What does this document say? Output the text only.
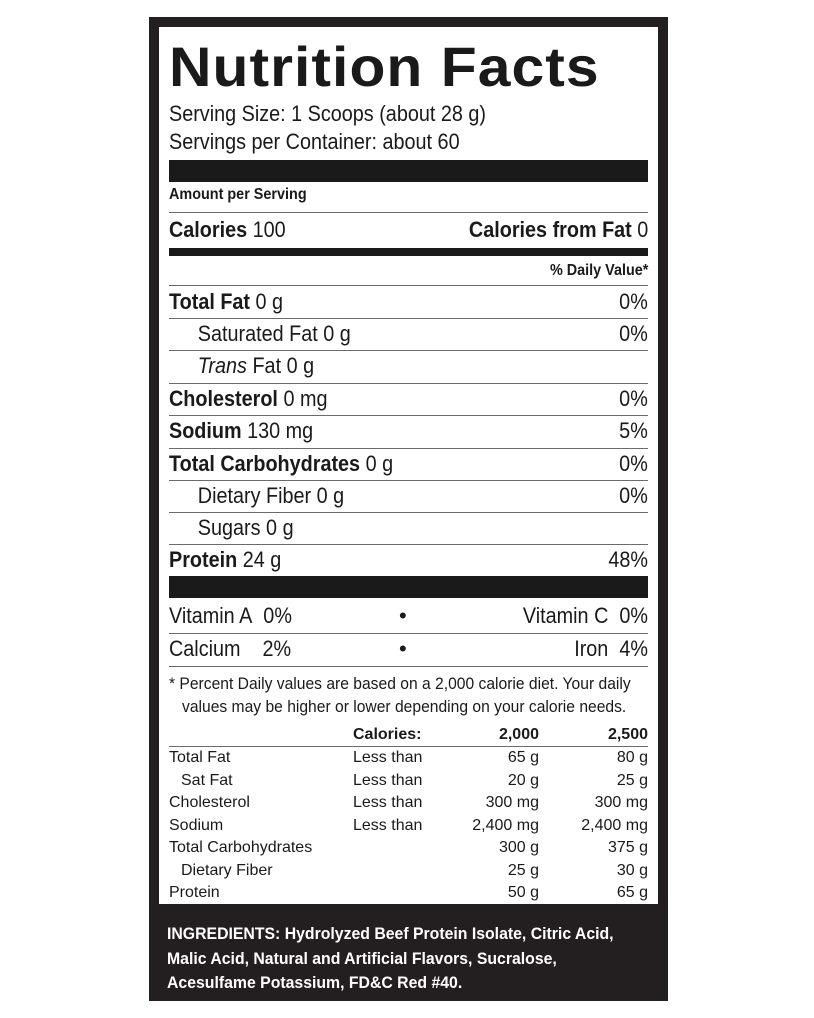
Nutrition Facts
Serving Size: 1 Scoops (about 28 g)
Servings per Container: about 60
Amount per Serving
Calories 100	Calories from Fat 0
% Daily Value*
Total Fat 0 g	0%
Saturated Fat 0 g	0%
Trans Fat 0 g
Cholesterol 0 mg	0%
Sodium 130 mg	5%
Total Carbohydrates 0 g	0%
Dietary Fiber 0 g	0%
Sugars 0 g
Protein 24 g	48%
Vitamin A 0%	•	Vitamin C 0%
Calcium 2%	•	Iron 4%
* Percent Daily values are based on a 2,000 calorie diet. Your daily
values may be higher or lower depending on your calorie needs.
	Calories:	2,000	2,500
Total Fat	Less than	65 g	80 g
Sat Fat	Less than	20 g	25 g
Cholesterol	Less than	300 mg	300 mg
Sodium	Less than	2,400 mg	2,400 mg
Total Carbohydrates		300 g	375 g
Dietary Fiber		25 g	30 g
Protein		50 g	65 g
INGREDIENTS: Hydrolyzed Beef Protein Isolate, Citric Acid,
Malic Acid, Natural and Artificial Flavors, Sucralose,
Acesulfame Potassium, FD&C Red #40.
